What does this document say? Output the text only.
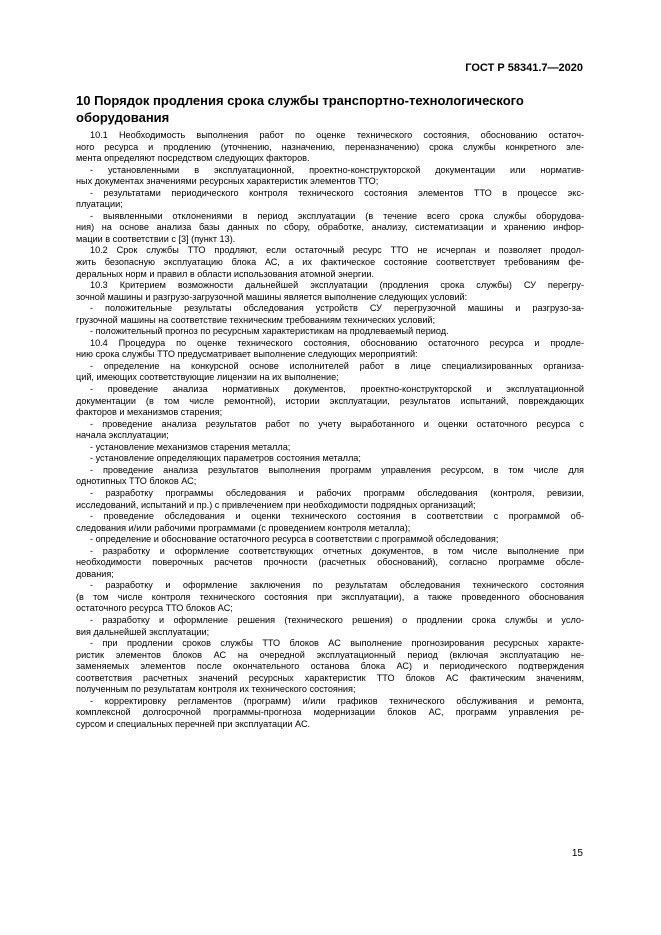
ГОСТ Р 58341.7—2020
10 Порядок продления срока службы транспортно-технологического
оборудования
10.1 Необходимость выполнения работ по оценке технического состояния, обоснованию остаточ-
ного ресурса и продлению (уточнению, назначению, переназначению) срока службы конкретного эле-
мента определяют посредством следующих факторов.
- установленными в эксплуатационной, проектно-конструкторской документации или норматив-
ных документах значениями ресурсных характеристик элементов ТТО;
- результатами периодического контроля технического состояния элементов ТТО в процессе экс-
плуатации;
- выявленными отклонениями в период эксплуатации (в течение всего срока службы оборудова-
ния) на основе анализа базы данных по сбору, обработке, анализу, систематизации и хранению инфор-
мации в соответствии с [3] (пункт 13).
10.2 Срок службы ТТО продляют, если остаточный ресурс ТТО не исчерпан и позволяет продол-
жить безопасную эксплуатацию блока АС, а их фактическое состояние соответствует требованиям фе-
деральных норм и правил в области использования атомной энергии.
10.3 Критерием возможности дальнейшей эксплуатации (продления срока службы) СУ перегру-
зочной машины и разгрузо-загрузочной машины является выполнение следующих условий:
- положительные результаты обследования устройств СУ перегрузочной машины и разгрузо-за-
грузочной машины на соответствие техническим требованиям технических условий;
- положительный прогноз по ресурсным характеристикам на продлеваемый период.
10.4 Процедура по оценке технического состояния, обоснованию остаточного ресурса и продле-
нию срока службы ТТО предусматривает выполнение следующих мероприятий:
- определение на конкурсной основе исполнителей работ в лице специализированных организа-
ций, имеющих соответствующие лицензии на их выполнение;
- проведение анализа нормативных документов, проектно-конструкторской и эксплуатационной
документации (в том числе ремонтной), истории эксплуатации, результатов испытаний, повреждающих
факторов и механизмов старения;
- проведение анализа результатов работ по учету выработанного и оценки остаточного ресурса с
начала эксплуатации;
- установление механизмов старения металла;
- установление определяющих параметров состояния металла;
- проведение анализа результатов выполнения программ управления ресурсом, в том числе для
однотипных ТТО блоков АС;
- разработку программы обследования и рабочих программ обследования (контроля, ревизии,
исследований, испытаний и пр.) с привлечением при необходимости подрядных организаций;
- проведение обследования и оценки технического состояния в соответствии с программой об-
следования и/или рабочими программами (с проведением контроля металла);
- определение и обоснование остаточного ресурса в соответствии с программой обследования;
- разработку и оформление соответствующих отчетных документов, в том числе выполнение при
необходимости поверочных расчетов прочности (расчетных обоснований), согласно программе обсле-
дования;
- разработку и оформление заключения по результатам обследования технического состояния
(в том числе контроля технического состояния при эксплуатации), а также проведенного обоснования
остаточного ресурса ТТО блоков АС;
- разработку и оформление решения (технического решения) о продлении срока службы и усло-
вия дальнейшей эксплуатации;
- при продлении сроков службы ТТО блоков АС выполнение прогнозирования ресурсных характе-
ристик элементов блоков АС на очередной эксплуатационный период (включая эксплуатацию не-
заменяемых элементов после окончательного останова блока АС) и периодического подтверждения
соответствия расчетных значений ресурсных характеристик ТТО блоков АС фактическим значениям,
полученным по результатам контроля их технического состояния;
- корректировку регламентов (программ) и/или графиков технического обслуживания и ремонта,
комплексной долгосрочной программы-прогноза модернизации блоков АС, программ управления ре-
сурсом и специальных перечней при эксплуатации АС.
15
